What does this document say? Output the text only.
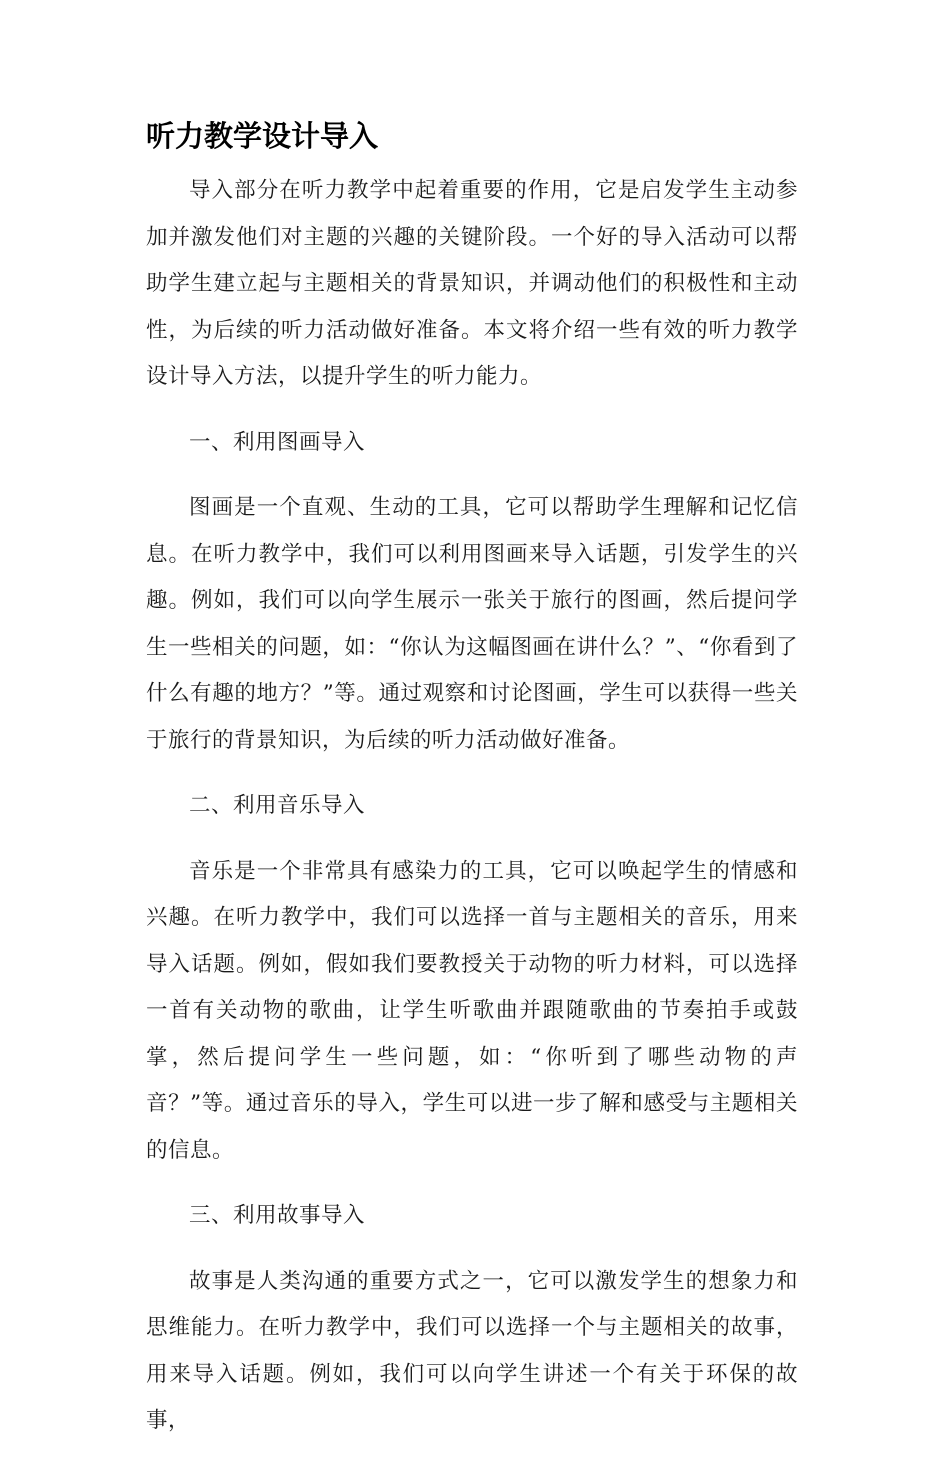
听力教学设计导入

导入部分在听力教学中起着重要的作用，它是启发学生主动参加并激发他们对主题的兴趣的关键阶段。一个好的导入活动可以帮助学生建立起与主题相关的背景知识，并调动他们的积极性和主动性，为后续的听力活动做好准备。本文将介绍一些有效的听力教学设计导入方法，以提升学生的听力能力。

一、利用图画导入

图画是一个直观、生动的工具，它可以帮助学生理解和记忆信息。在听力教学中，我们可以利用图画来导入话题，引发学生的兴趣。例如，我们可以向学生展示一张关于旅行的图画，然后提问学生一些相关的问题，如：“你认为这幅图画在讲什么？”、“你看到了什么有趣的地方？”等。通过观察和讨论图画，学生可以获得一些关于旅行的背景知识，为后续的听力活动做好准备。

二、利用音乐导入

音乐是一个非常具有感染力的工具，它可以唤起学生的情感和兴趣。在听力教学中，我们可以选择一首与主题相关的音乐，用来导入话题。例如，假如我们要教授关于动物的听力材料，可以选择一首有关动物的歌曲，让学生听歌曲并跟随歌曲的节奏拍手或鼓掌，然后提问学生一些问题，如：“你听到了哪些动物的声音？”等。通过音乐的导入，学生可以进一步了解和感受与主题相关的信息。

三、利用故事导入

故事是人类沟通的重要方式之一，它可以激发学生的想象力和思维能力。在听力教学中，我们可以选择一个与主题相关的故事，用来导入话题。例如，我们可以向学生讲述一个有关于环保的故事，
